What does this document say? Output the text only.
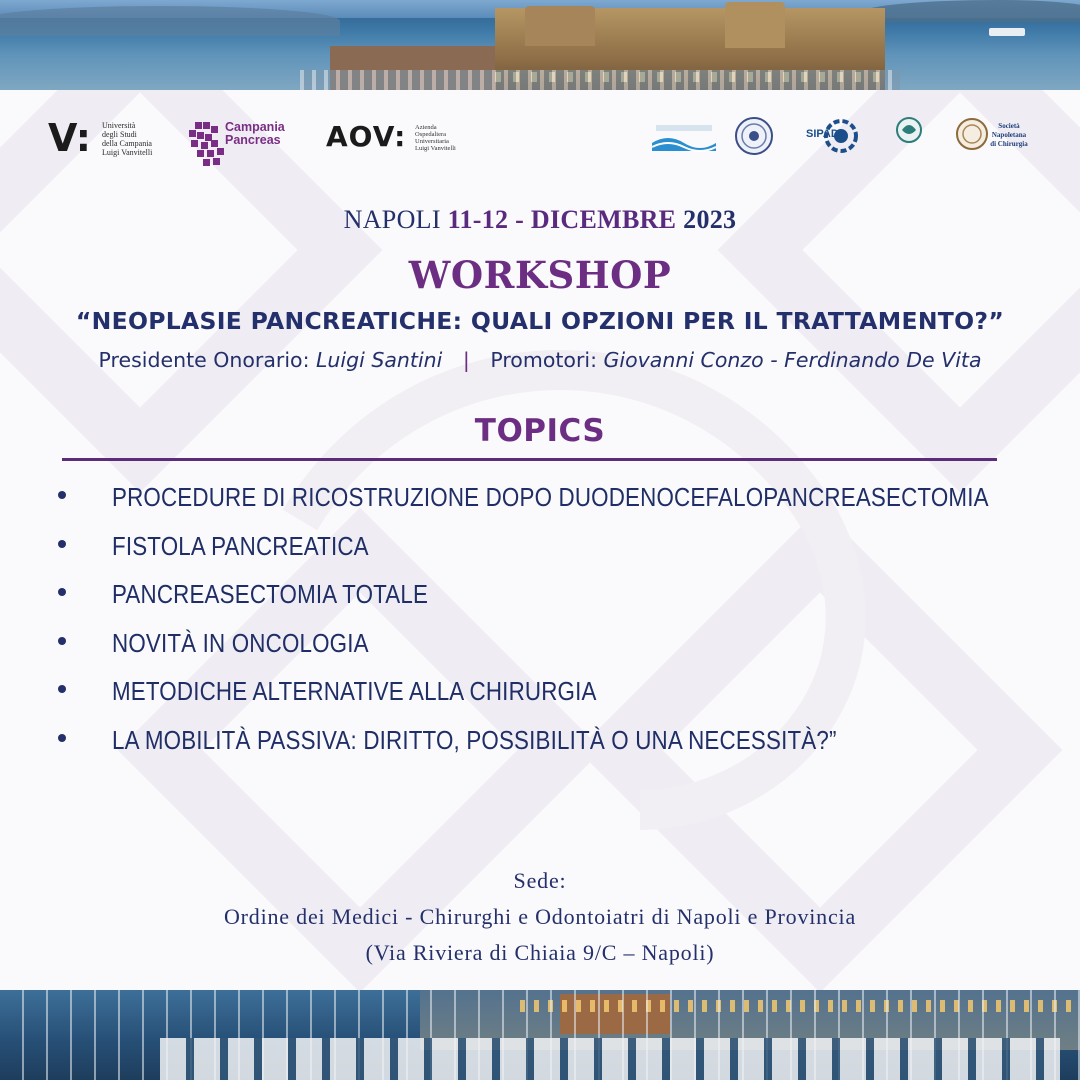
V: Università
degli Studi
della Campania
Luigi Vanvitelli
Campania
Pancreas AOV: Azienda
Ospedaliera
Universitaria
Luigi Vanvitelli
SIPAD
Società
Napoletana
di Chirurgia
NAPOLI 11-12 - DICEMBRE 2023
WORKSHOP
“NEOPLASIE PANCREATICHE: QUALI OPZIONI PER IL TRATTAMENTO?”
Presidente Onorario: Luigi Santini | Promotori: Giovanni Conzo - Ferdinando De Vita
TOPICS
PROCEDURE DI RICOSTRUZIONE DOPO DUODENOCEFALOPANCREASECTOMIA
FISTOLA PANCREATICA
PANCREASECTOMIA TOTALE
NOVITÀ IN ONCOLOGIA
METODICHE ALTERNATIVE ALLA CHIRURGIA
LA MOBILITÀ PASSIVA: DIRITTO, POSSIBILITÀ O UNA NECESSITÀ?”
Sede:
Ordine dei Medici - Chirurghi e Odontoiatri di Napoli e Provincia
(Via Riviera di Chiaia 9/C – Napoli)
